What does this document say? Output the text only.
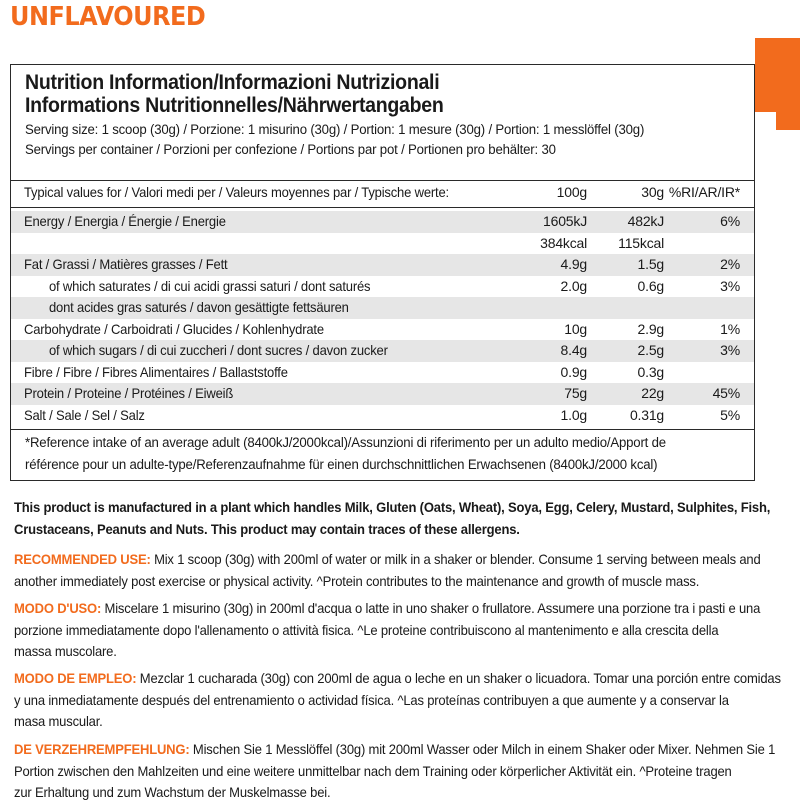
UNFLAVOURED
Nutrition Information/Informazioni Nutrizionali
Informations Nutritionnelles/Nährwertangaben
Serving size: 1 scoop (30g) / Porzione: 1 misurino (30g) / Portion: 1 mesure (30g) / Portion: 1 messlöffel (30g)
Servings per container / Porzioni per confezione / Portions par pot / Portionen pro behälter: 30
Typical values for / Valori medi per / Valeurs moyennes par / Typische werte:	100g	30g	%RI/AR/IR*
Energy / Energia / Énergie / Energie	1605kJ	482kJ	6%
	384kcal	115kcal	
Fat / Grassi / Matières grasses / Fett	4.9g	1.5g	2%
of which saturates / di cui acidi grassi saturi / dont saturés	2.0g	0.6g	3%
dont acides gras saturés / davon gesättigte fettsäuren			
Carbohydrate / Carboidrati / Glucides / Kohlenhydrate	10g	2.9g	1%
of which sugars / di cui zuccheri / dont sucres / davon zucker	8.4g	2.5g	3%
Fibre / Fibre / Fibres Alimentaires / Ballaststoffe	0.9g	0.3g	
Protein / Proteine / Protéines / Eiweiß	75g	22g	45%
Salt / Sale / Sel / Salz	1.0g	0.31g	5%
*Reference intake of an average adult (8400kJ/2000kcal)/Assunzioni di riferimento per un adulto medio/Apport de
référence pour un adulte-type/Referenzaufnahme für einen durchschnittlichen Erwachsenen (8400kJ/2000 kcal)
This product is manufactured in a plant which handles Milk, Gluten (Oats, Wheat), Soya, Egg, Celery, Mustard, Sulphites, Fish,
Crustaceans, Peanuts and Nuts. This product may contain traces of these allergens.
RECOMMENDED USE: Mix 1 scoop (30g) with 200ml of water or milk in a shaker or blender. Consume 1 serving between meals and
another immediately post exercise or physical activity. ^Protein contributes to the maintenance and growth of muscle mass.
MODO D'USO: Miscelare 1 misurino (30g) in 200ml d'acqua o latte in uno shaker o frullatore. Assumere una porzione tra i pasti e una
porzione immediatamente dopo l'allenamento o attività fisica. ^Le proteine contribuiscono al mantenimento e alla crescita della
massa muscolare.
MODO DE EMPLEO: Mezclar 1 cucharada (30g) con 200ml de agua o leche en un shaker o licuadora. Tomar una porción entre comidas
y una inmediatamente después del entrenamiento o actividad física. ^Las proteínas contribuyen a que aumente y a conservar la
masa muscular.
DE VERZEHREMPFEHLUNG: Mischen Sie 1 Messlöffel (30g) mit 200ml Wasser oder Milch in einem Shaker oder Mixer. Nehmen Sie 1
Portion zwischen den Mahlzeiten und eine weitere unmittelbar nach dem Training oder körperlicher Aktivität ein. ^Proteine tragen
zur Erhaltung und zum Wachstum der Muskelmasse bei.
